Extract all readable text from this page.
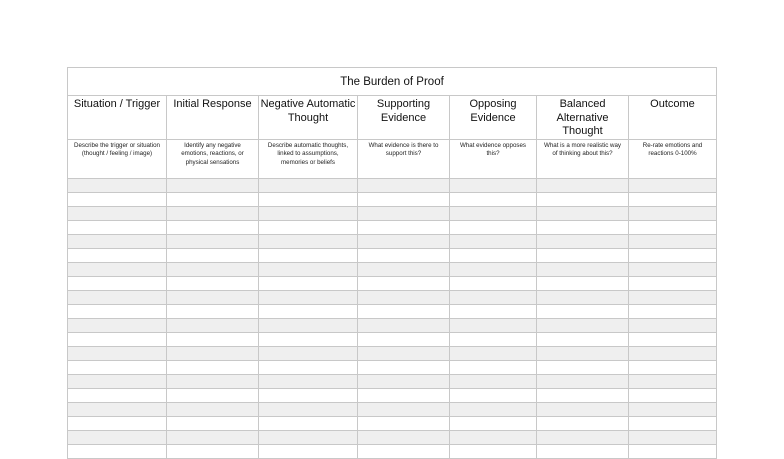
The Burden of Proof						
Situation / Trigger	Initial Response	Negative Automatic Thought	Supporting Evidence	Opposing Evidence	Balanced Alternative Thought	Outcome
Describe the trigger or situation (thought / feeling / image)	Identify any negative emotions, reactions, or physical sensations	Describe automatic thoughts, linked to assumptions, memories or beliefs	What evidence is there to support this?	What evidence opposes this?	What is a more realistic way of thinking about this?	Re-rate emotions and reactions 0-100%
